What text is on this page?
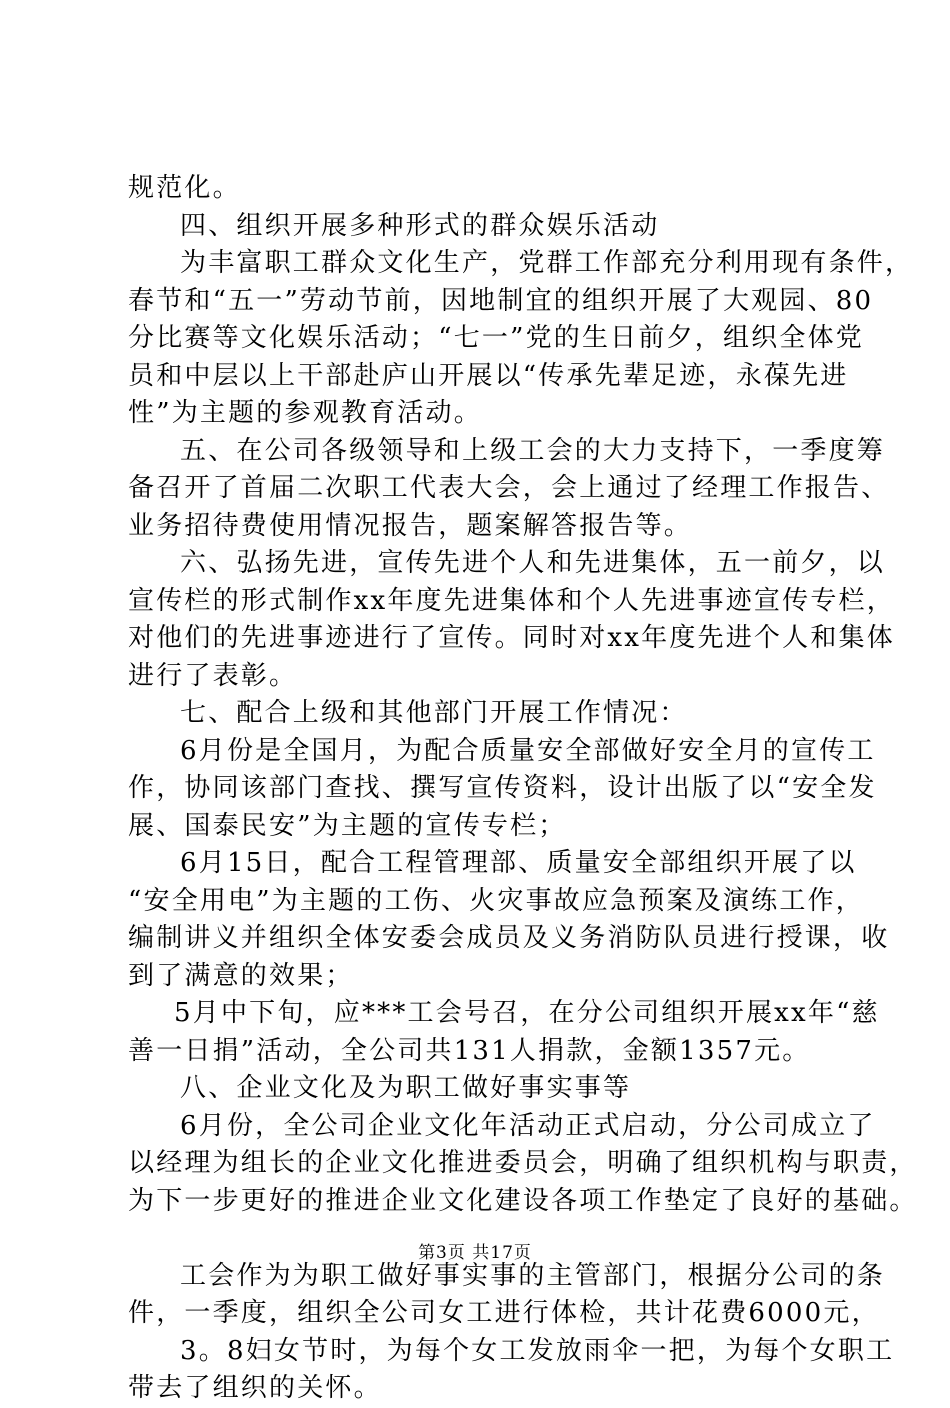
规范化。
四、组织开展多种形式的群众娱乐活动
为丰富职工群众文化生产，党群工作部充分利用现有条件，
春节和“五一”劳动节前，因地制宜的组织开展了大观园、80
分比赛等文化娱乐活动；“七一”党的生日前夕，组织全体党
员和中层以上干部赴庐山开展以“传承先辈足迹，永葆先进
性”为主题的参观教育活动。
五、在公司各级领导和上级工会的大力支持下，一季度筹
备召开了首届二次职工代表大会，会上通过了经理工作报告、
业务招待费使用情况报告，题案解答报告等。
六、弘扬先进，宣传先进个人和先进集体，五一前夕，以
宣传栏的形式制作xx年度先进集体和个人先进事迹宣传专栏，
对他们的先进事迹进行了宣传。同时对xx年度先进个人和集体
进行了表彰。
七、配合上级和其他部门开展工作情况：
6月份是全国月，为配合质量安全部做好安全月的宣传工
作，协同该部门查找、撰写宣传资料，设计出版了以“安全发
展、国泰民安”为主题的宣传专栏；
6月15日，配合工程管理部、质量安全部组织开展了以
“安全用电”为主题的工伤、火灾事故应急预案及演练工作，
编制讲义并组织全体安委会成员及义务消防队员进行授课，收
到了满意的效果；
5月中下旬，应***工会号召，在分公司组织开展xx年“慈
善一日捐”活动，全公司共131人捐款，金额1357元。
八、企业文化及为职工做好事实事等
6月份，全公司企业文化年活动正式启动，分公司成立了
以经理为组长的企业文化推进委员会，明确了组织机构与职责，
为下一步更好的推进企业文化建设各项工作垫定了良好的基础。
工会作为为职工做好事实事的主管部门，根据分公司的条
件，一季度，组织全公司女工进行体检，共计花费6000元，
3。8妇女节时，为每个女工发放雨伞一把，为每个女职工
带去了组织的关怀。
第3页 共17页
